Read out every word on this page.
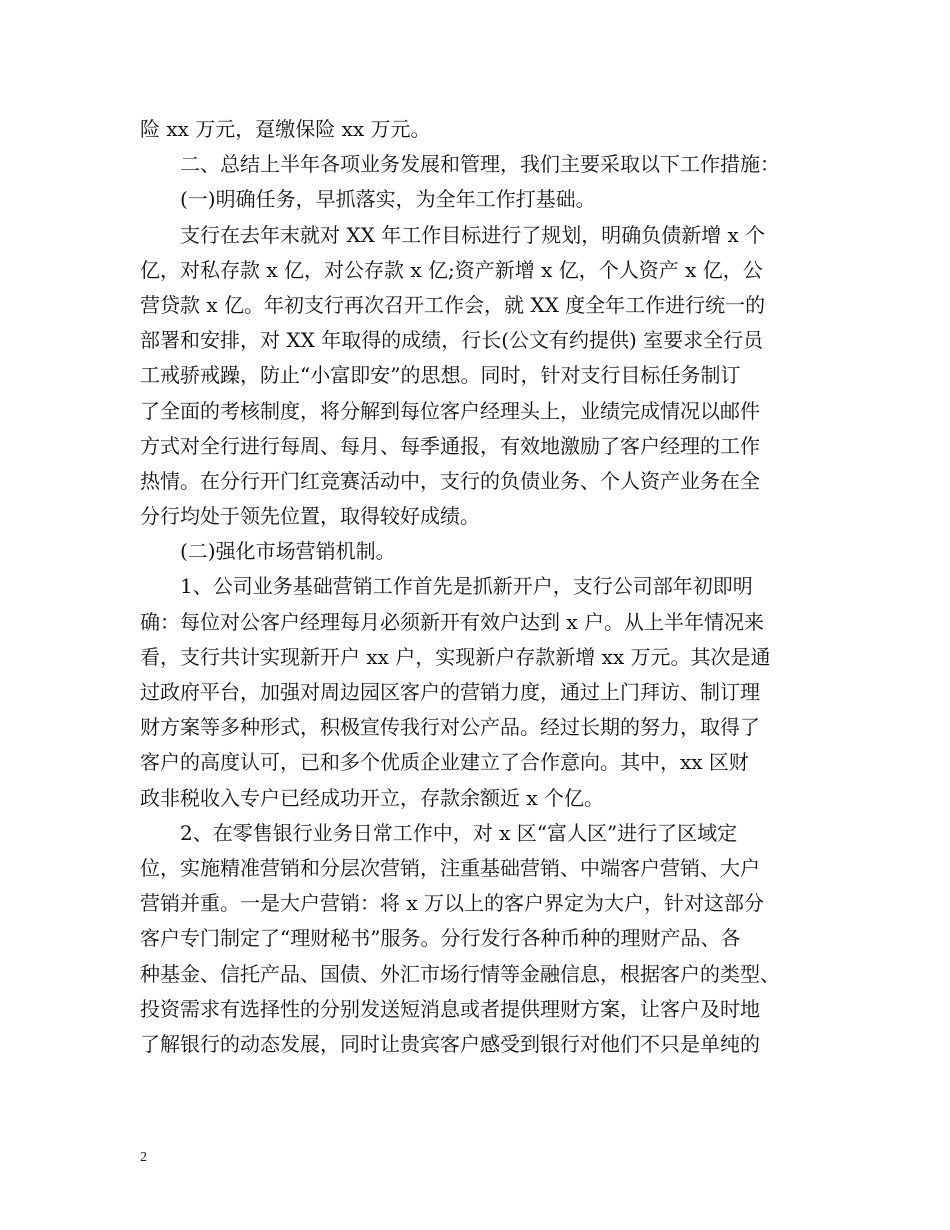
险 xx 万元，趸缴保险 xx 万元。
　　二、总结上半年各项业务发展和管理，我们主要采取以下工作措施：
　　(一)明确任务，早抓落实，为全年工作打基础。
　　支行在去年末就对 XX 年工作目标进行了规划，明确负债新增 x 个
亿，对私存款 x 亿，对公存款 x 亿;资产新增 x 亿，个人资产 x 亿，公
营贷款 x 亿。年初支行再次召开工作会，就 XX 度全年工作进行统一的
部署和安排，对 XX 年取得的成绩，行长(公文有约提供) 室要求全行员
工戒骄戒躁，防止“小富即安”的思想。同时，针对支行目标任务制订
了全面的考核制度，将分解到每位客户经理头上，业绩完成情况以邮件
方式对全行进行每周、每月、每季通报，有效地激励了客户经理的工作
热情。在分行开门红竞赛活动中，支行的负债业务、个人资产业务在全
分行均处于领先位置，取得较好成绩。
　　(二)强化市场营销机制。
　　1、公司业务基础营销工作首先是抓新开户，支行公司部年初即明
确：每位对公客户经理每月必须新开有效户达到 x 户。从上半年情况来
看，支行共计实现新开户 xx 户，实现新户存款新增 xx 万元。其次是通
过政府平台，加强对周边园区客户的营销力度，通过上门拜访、制订理
财方案等多种形式，积极宣传我行对公产品。经过长期的努力，取得了
客户的高度认可，已和多个优质企业建立了合作意向。其中，xx 区财
政非税收入专户已经成功开立，存款余额近 x 个亿。
　　2、在零售银行业务日常工作中，对 x 区“富人区”进行了区域定
位，实施精准营销和分层次营销，注重基础营销、中端客户营销、大户
营销并重。一是大户营销：将 x 万以上的客户界定为大户，针对这部分
客户专门制定了“理财秘书”服务。分行发行各种币种的理财产品、各
种基金、信托产品、国债、外汇市场行情等金融信息，根据客户的类型、
投资需求有选择性的分别发送短消息或者提供理财方案，让客户及时地
了解银行的动态发展，同时让贵宾客户感受到银行对他们不只是单纯的
2
